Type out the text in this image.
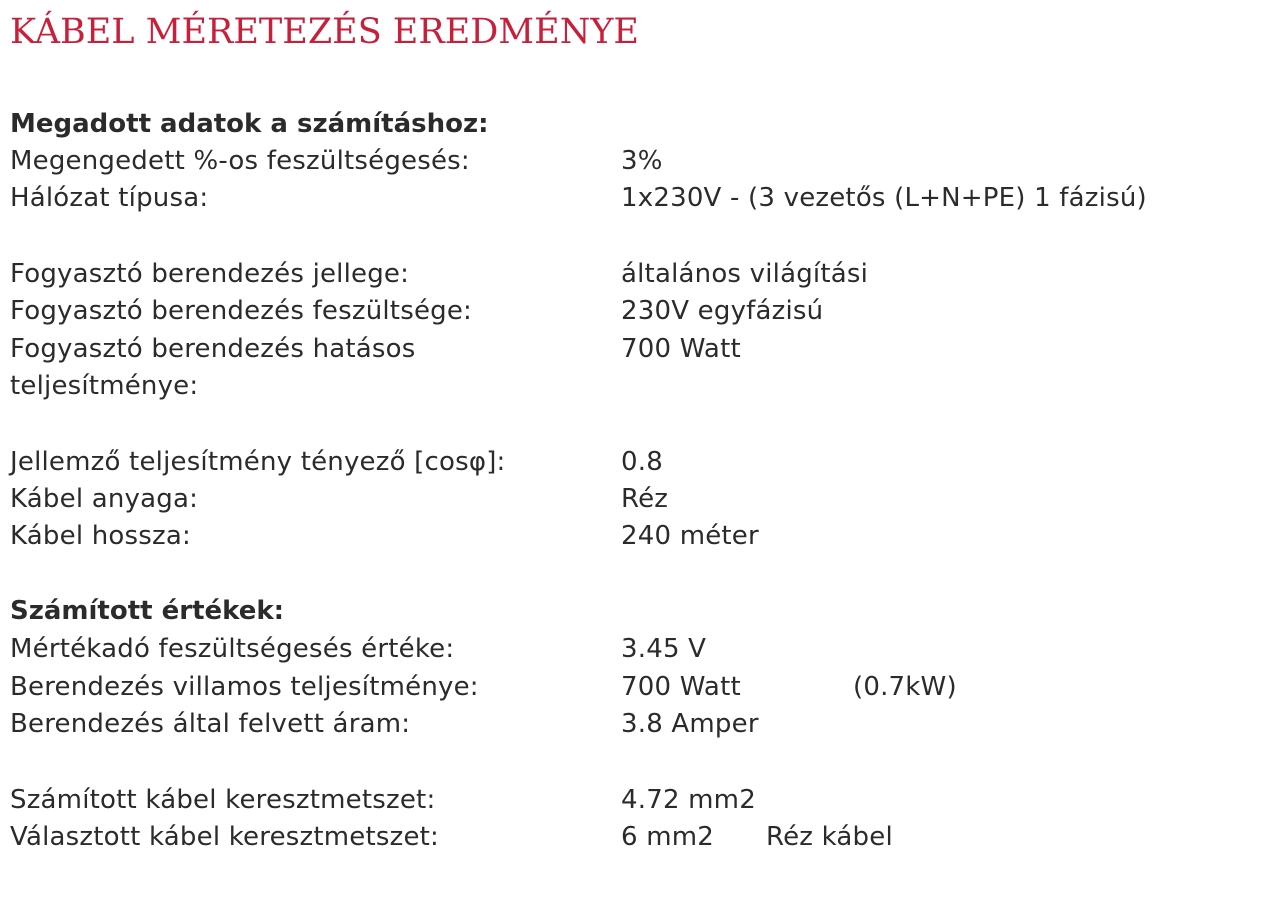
KÁBEL MÉRETEZÉS EREDMÉNYE
Megadott adatok a számításhoz:
Megengedett %-os feszültségesés:	3%
Hálózat típusa:	1x230V - (3 vezetős (L+N+PE) 1 fázisú)
Fogyasztó berendezés jellege:	általános világítási
Fogyasztó berendezés feszültsége:	230V egyfázisú
Fogyasztó berendezés hatásos teljesítménye:
700 Watt
Jellemző teljesítmény tényező [cosφ]:	0.8
Kábel anyaga:	Réz
Kábel hossza:	240 méter
Számított értékek:
Mértékadó feszültségesés értéke:	3.45 V
Berendezés villamos teljesítménye:	700 Watt	(0.7kW)
Berendezés által felvett áram:	3.8 Amper
Számított kábel keresztmetszet:	4.72 mm2
Választott kábel keresztmetszet:	6 mm2 Réz kábel
